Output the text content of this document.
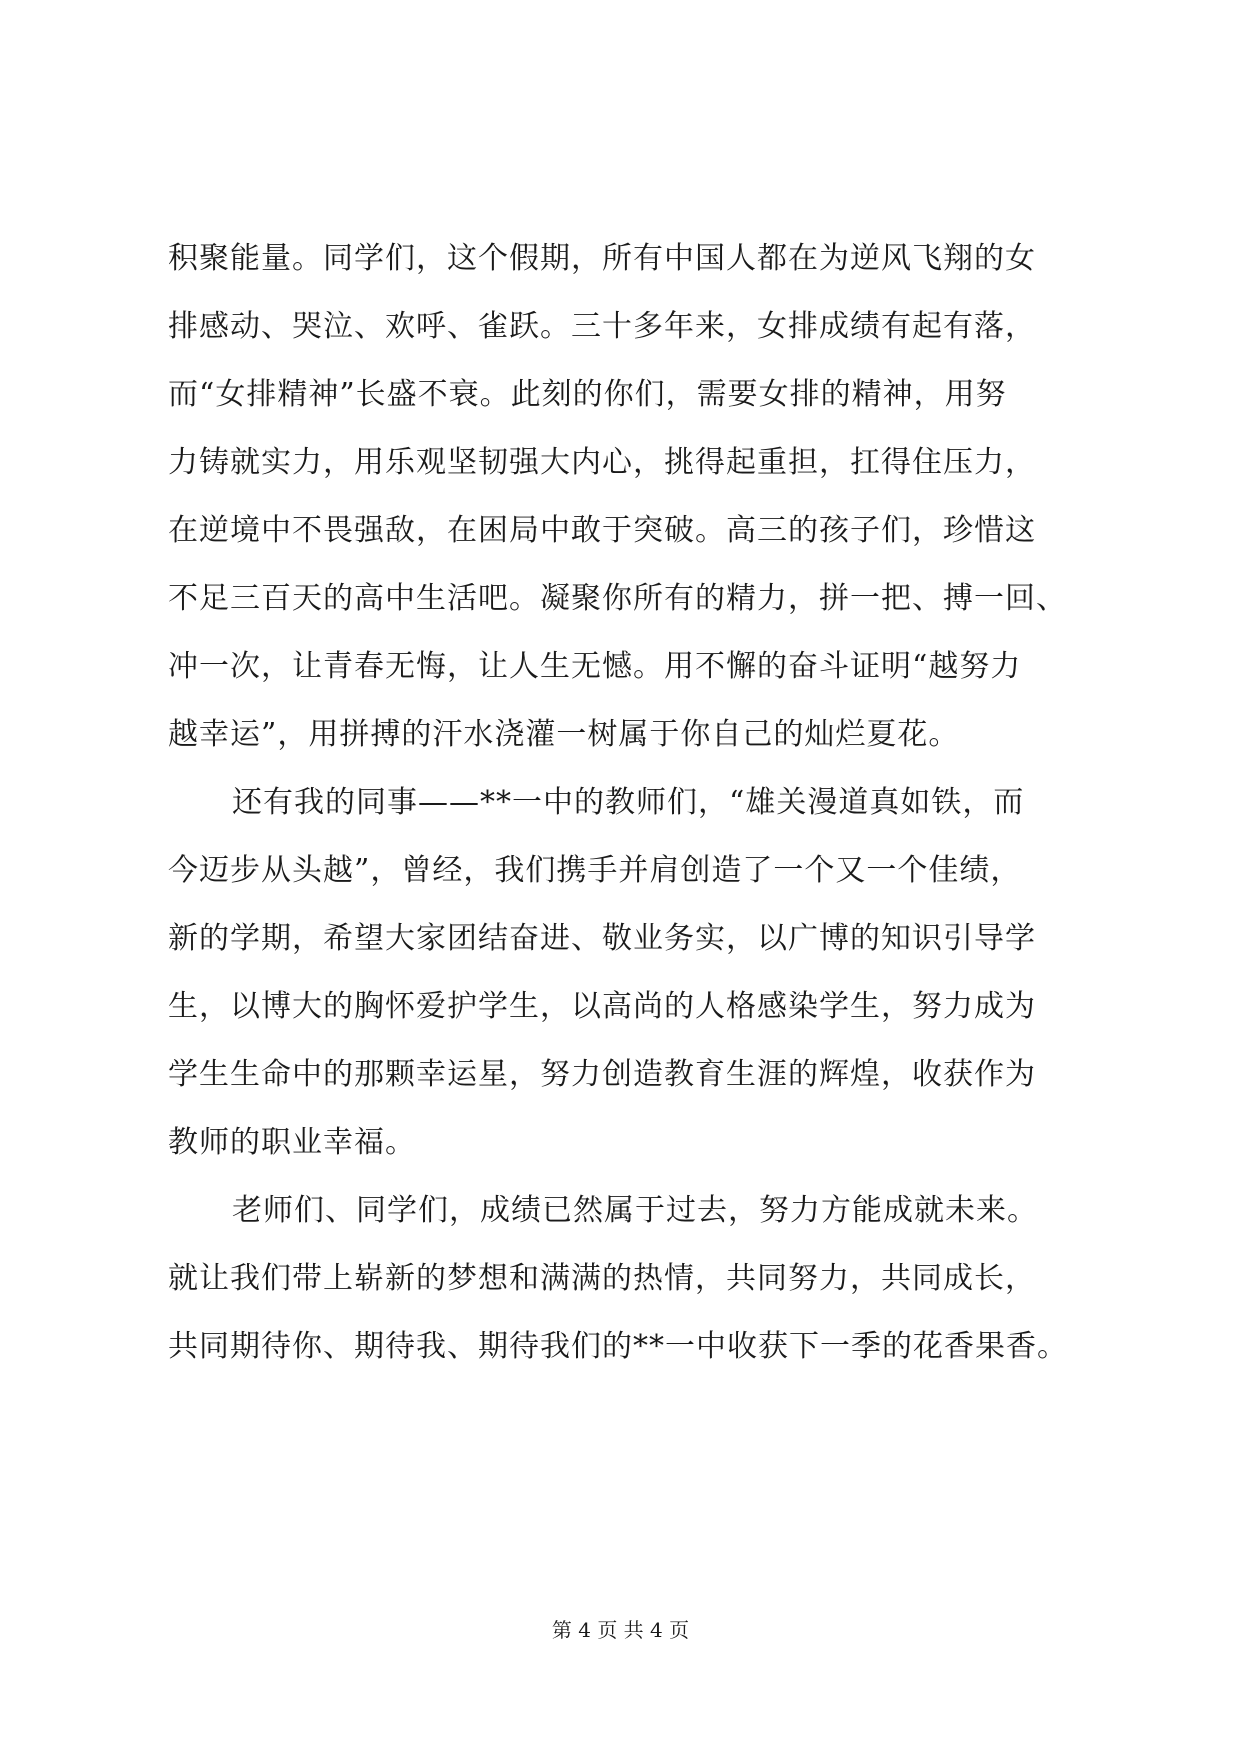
积聚能量。同学们，这个假期，所有中国人都在为逆风飞翔的女
排感动、哭泣、欢呼、雀跃。三十多年来，女排成绩有起有落，
而“女排精神”长盛不衰。此刻的你们，需要女排的精神，用努
力铸就实力，用乐观坚韧强大内心，挑得起重担，扛得住压力，
在逆境中不畏强敌，在困局中敢于突破。高三的孩子们，珍惜这
不足三百天的高中生活吧。凝聚你所有的精力，拼一把、搏一回、
冲一次，让青春无悔，让人生无憾。用不懈的奋斗证明“越努力
越幸运”，用拼搏的汗水浇灌一树属于你自己的灿烂夏花。
还有我的同事——**一中的教师们，“雄关漫道真如铁，而
今迈步从头越”，曾经，我们携手并肩创造了一个又一个佳绩，
新的学期，希望大家团结奋进、敬业务实，以广博的知识引导学
生，以博大的胸怀爱护学生，以高尚的人格感染学生，努力成为
学生生命中的那颗幸运星，努力创造教育生涯的辉煌，收获作为
教师的职业幸福。
老师们、同学们，成绩已然属于过去，努力方能成就未来。
就让我们带上崭新的梦想和满满的热情，共同努力，共同成长，
共同期待你、期待我、期待我们的**一中收获下一季的花香果香。
第 4 页 共 4 页
